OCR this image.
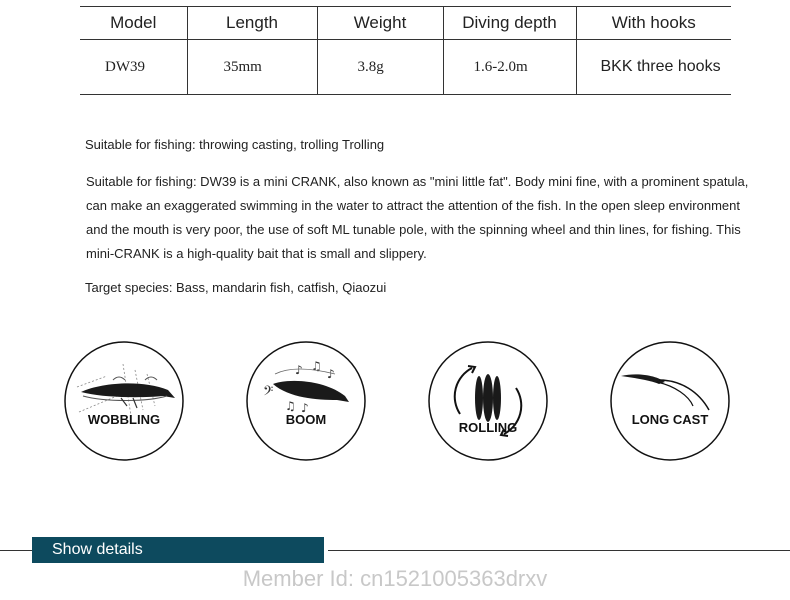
Model	Length	Weight	Diving depth	With hooks
DW39	35mm	3.8g	1.6-2.0m	BKK three hooks
Suitable for fishing: throwing casting, trolling Trolling
Suitable for fishing: DW39 is a mini CRANK, also known as "mini little fat". Body mini fine, with a prominent spatula, can make an exaggerated swimming in the water to attract the attention of the fish. In the open sleep environment and the mouth is very poor, the use of soft ML tunable pole, with the spinning wheel and thin lines, for fishing. This mini-CRANK is a high-quality bait that is small and slippery.
Target species: Bass, mandarin fish, catfish, Qiaozui
WOBBLING
𝄢
♪ ♫
♪
♫ ♪
BOOM
ROLLING
LONG CAST
Show details
Member Id: cn1521005363drxv
